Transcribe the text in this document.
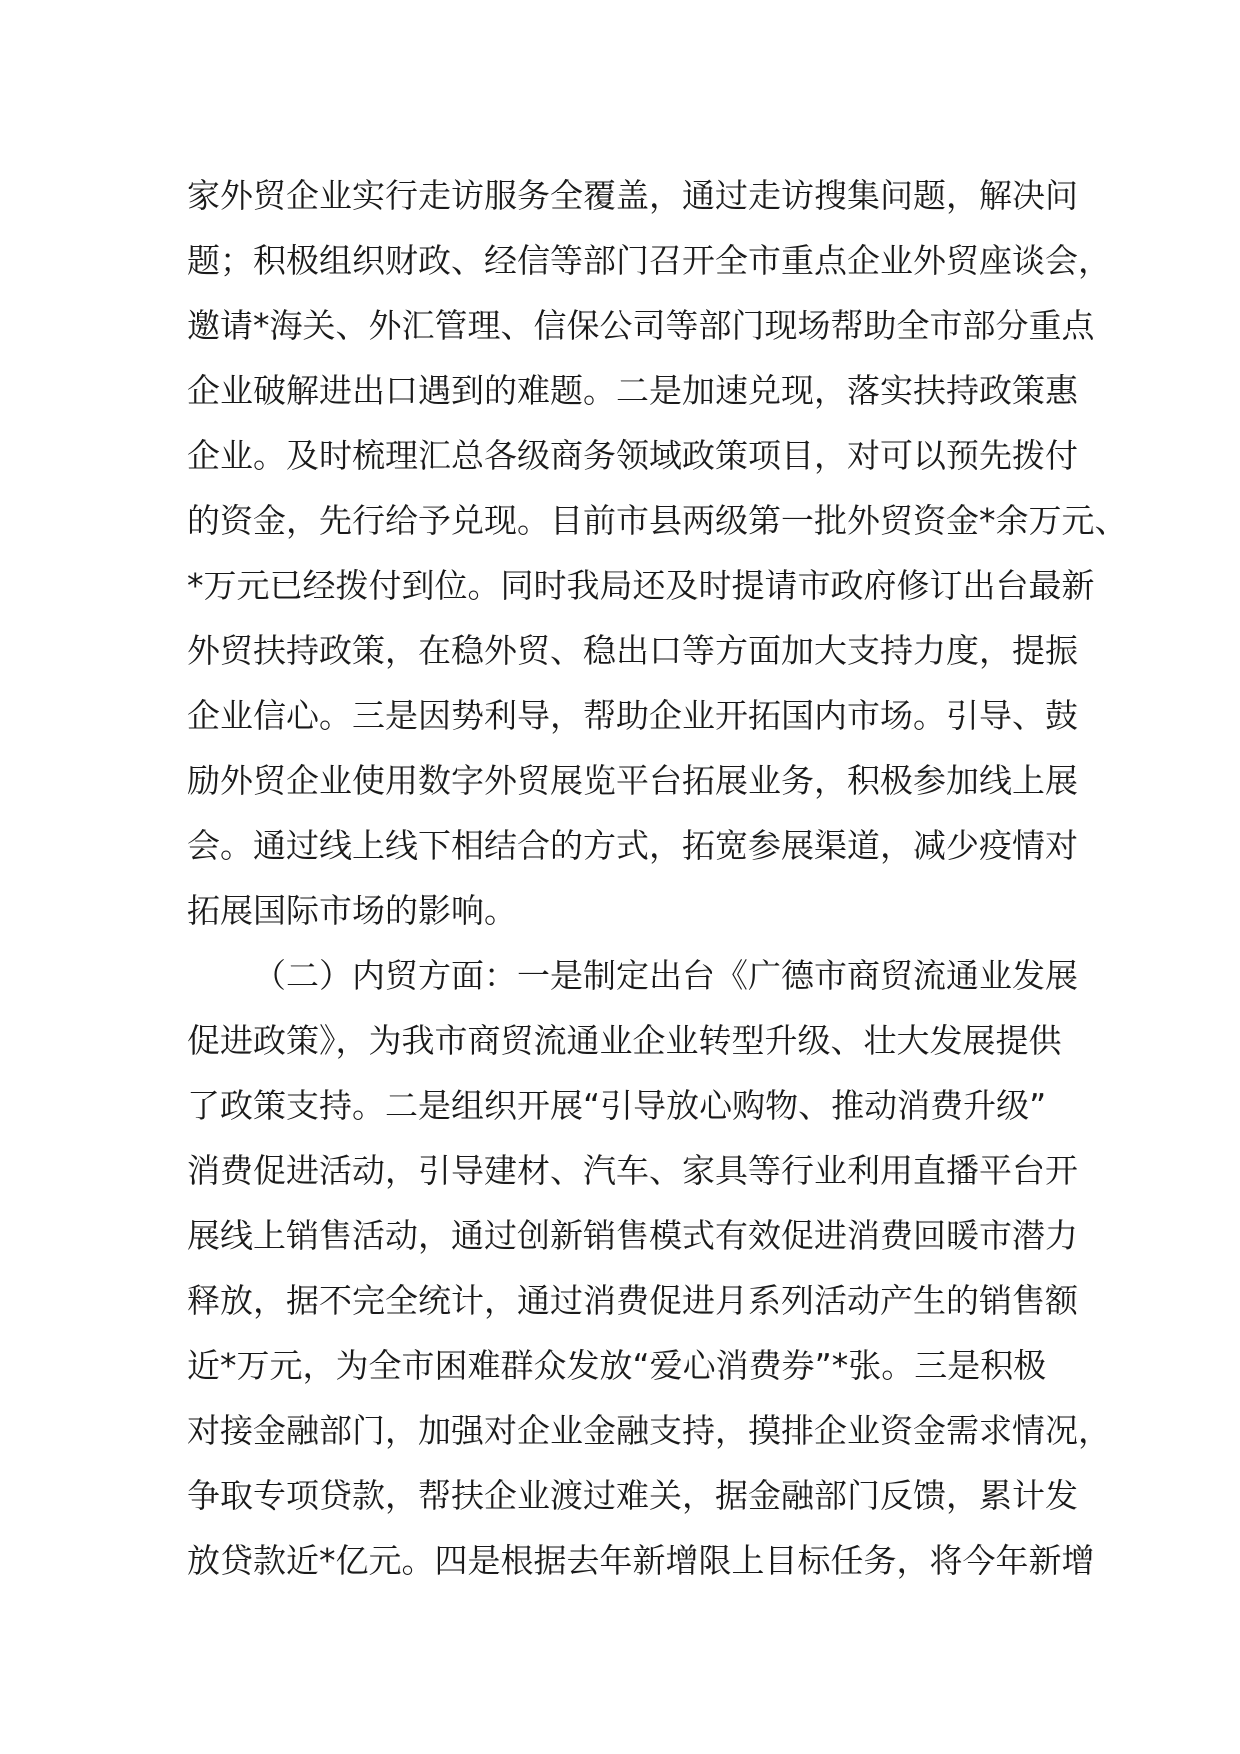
家外贸企业实行走访服务全覆盖，通过走访搜集问题，解决问
题；积极组织财政、经信等部门召开全市重点企业外贸座谈会，
邀请*海关、外汇管理、信保公司等部门现场帮助全市部分重点
企业破解进出口遇到的难题。二是加速兑现，落实扶持政策惠
企业。及时梳理汇总各级商务领域政策项目，对可以预先拨付
的资金，先行给予兑现。目前市县两级第一批外贸资金*余万元、
*万元已经拨付到位。同时我局还及时提请市政府修订出台最新
外贸扶持政策，在稳外贸、稳出口等方面加大支持力度，提振
企业信心。三是因势利导，帮助企业开拓国内市场。引导、鼓
励外贸企业使用数字外贸展览平台拓展业务，积极参加线上展
会。通过线上线下相结合的方式，拓宽参展渠道，减少疫情对
拓展国际市场的影响。
（二）内贸方面：一是制定出台《广德市商贸流通业发展
促进政策》，为我市商贸流通业企业转型升级、壮大发展提供
了政策支持。二是组织开展“引导放心购物、推动消费升级”
消费促进活动，引导建材、汽车、家具等行业利用直播平台开
展线上销售活动，通过创新销售模式有效促进消费回暖市潜力
释放，据不完全统计，通过消费促进月系列活动产生的销售额
近*万元，为全市困难群众发放“爱心消费券”*张。三是积极
对接金融部门，加强对企业金融支持，摸排企业资金需求情况，
争取专项贷款，帮扶企业渡过难关，据金融部门反馈，累计发
放贷款近*亿元。四是根据去年新增限上目标任务，将今年新增
